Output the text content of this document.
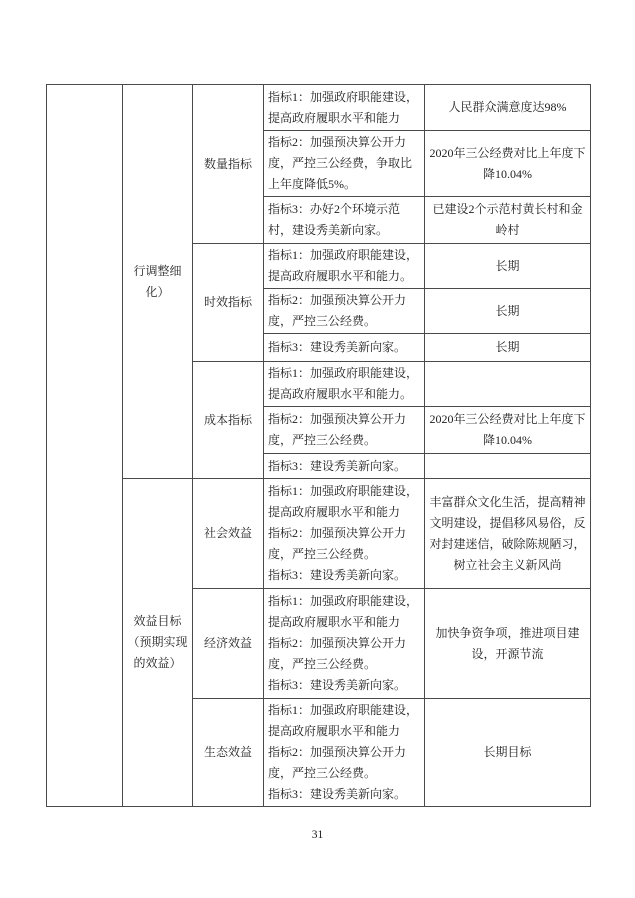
	行调整细化）	数量指标	指标1：加强政府职能建设，提高政府履职水平和能力	人民群众满意度达98%
			指标2：加强预决算公开力度，严控三公经费，争取比上年度降低5%。	2020年三公经费对比上年度下降10.04%
			指标3：办好2个环境示范村，建设秀美新向家。	已建设2个示范村黄长村和金岭村
		时效指标	指标1：加强政府职能建设，提高政府履职水平和能力。	长期
			指标2：加强预决算公开力度，严控三公经费。	长期
			指标3：建设秀美新向家。	长期
		成本指标	指标1：加强政府职能建设，提高政府履职水平和能力。	
			指标2：加强预决算公开力度，严控三公经费。	2020年三公经费对比上年度下降10.04%
			指标3：建设秀美新向家。	
	效益目标（预期实现的效益）	社会效益	指标1：加强政府职能建设，提高政府履职水平和能力
指标2：加强预决算公开力度，严控三公经费。
指标3：建设秀美新向家。	丰富群众文化生活，提高精神文明建设，提倡移风易俗，反对封建迷信，破除陈规陋习，树立社会主义新风尚
		经济效益	指标1：加强政府职能建设，提高政府履职水平和能力
指标2：加强预决算公开力度，严控三公经费。
指标3：建设秀美新向家。	加快争资争项，推进项目建设，开源节流
		生态效益	指标1：加强政府职能建设，提高政府履职水平和能力
指标2：加强预决算公开力度，严控三公经费。
指标3：建设秀美新向家。	长期目标
31
